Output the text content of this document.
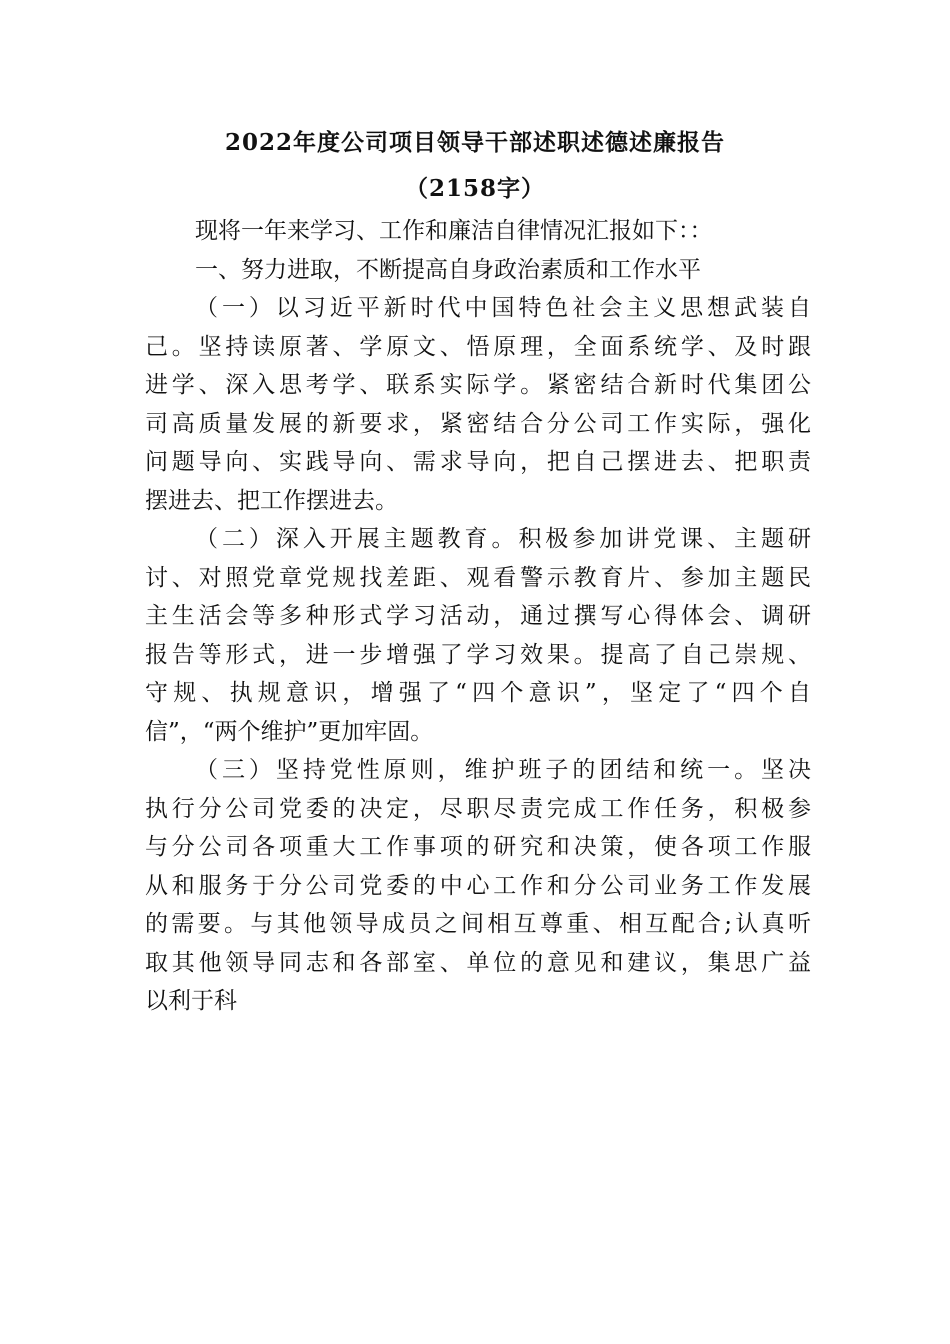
2022年度公司项目领导干部述职述德述廉报告
（2158字）
现将一年来学习、工作和廉洁自律情况汇报如下：：
一、努力进取，不断提高自身政治素质和工作水平
（一）以习近平新时代中国特色社会主义思想武装自
己。坚持读原著、学原文、悟原理，全面系统学、及时跟
进学、深入思考学、联系实际学。紧密结合新时代集团公
司高质量发展的新要求，紧密结合分公司工作实际，强化
问题导向、实践导向、需求导向，把自己摆进去、把职责
摆进去、把工作摆进去。
（二）深入开展主题教育。积极参加讲党课、主题研
讨、对照党章党规找差距、观看警示教育片、参加主题民
主生活会等多种形式学习活动，通过撰写心得体会、调研
报告等形式，进一步增强了学习效果。提高了自己崇规、
守规、执规意识，增强了“四个意识”，坚定了“四个自
信”，“两个维护”更加牢固。
（三）坚持党性原则，维护班子的团结和统一。坚决
执行分公司党委的决定，尽职尽责完成工作任务，积极参
与分公司各项重大工作事项的研究和决策，使各项工作服
从和服务于分公司党委的中心工作和分公司业务工作发展
的需要。与其他领导成员之间相互尊重、相互配合;认真听
取其他领导同志和各部室、单位的意见和建议，集思广益
以利于科
